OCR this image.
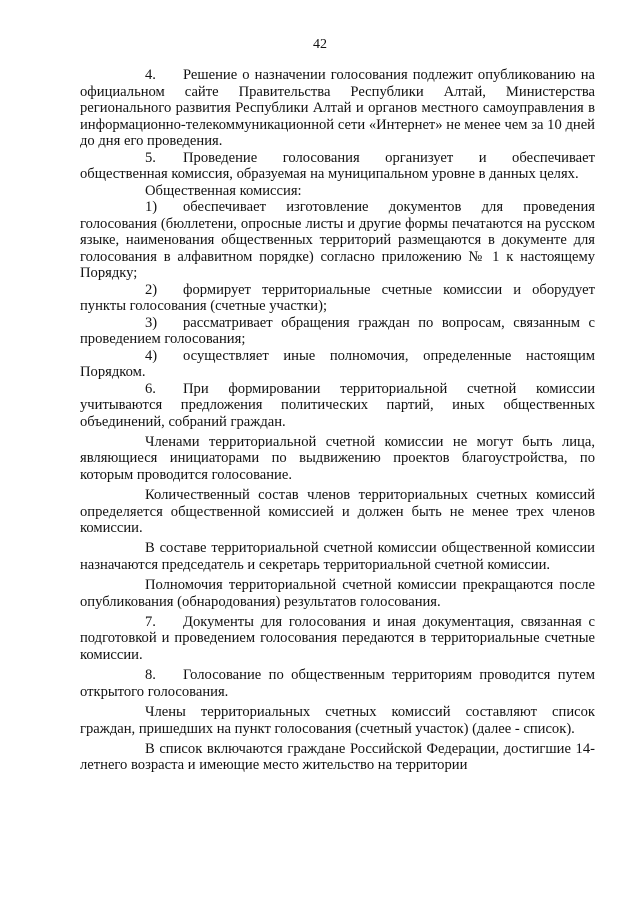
42

4. Решение о назначении голосования подлежит опубликованию на официальном сайте Правительства Республики Алтай, Министерства регионального развития Республики Алтай и органов местного самоуправления в информационно-телекоммуникационной сети «Интернет» не менее чем за 10 дней до дня его проведения.

5. Проведение голосования организует и обеспечивает общественная комиссия, образуемая на муниципальном уровне в данных целях.

Общественная комиссия:

1) обеспечивает изготовление документов для проведения голосования (бюллетени, опросные листы и другие формы печатаются на русском языке, наименования общественных территорий размещаются в документе для голосования в алфавитном порядке) согласно приложению № 1 к настоящему Порядку;

2) формирует территориальные счетные комиссии и оборудует пункты голосования (счетные участки);

3) рассматривает обращения граждан по вопросам, связанным с проведением голосования;

4) осуществляет иные полномочия, определенные настоящим Порядком.

6. При формировании территориальной счетной комиссии учитываются предложения политических партий, иных общественных объединений, собраний граждан.

Членами территориальной счетной комиссии не могут быть лица, являющиеся инициаторами по выдвижению проектов благоустройства, по которым проводится голосование.

Количественный состав членов территориальных счетных комиссий определяется общественной комиссией и должен быть не менее трех членов комиссии.

В составе территориальной счетной комиссии общественной комиссии назначаются председатель и секретарь территориальной счетной комиссии.

Полномочия территориальной счетной комиссии прекращаются после опубликования (обнародования) результатов голосования.

7. Документы для голосования и иная документация, связанная с подготовкой и проведением голосования передаются в территориальные счетные комиссии.

8. Голосование по общественным территориям проводится путем открытого голосования.

Члены территориальных счетных комиссий составляют список граждан, пришедших на пункт голосования (счетный участок) (далее - список).

В список включаются граждане Российской Федерации, достигшие 14-летнего возраста и имеющие место жительство на территории
